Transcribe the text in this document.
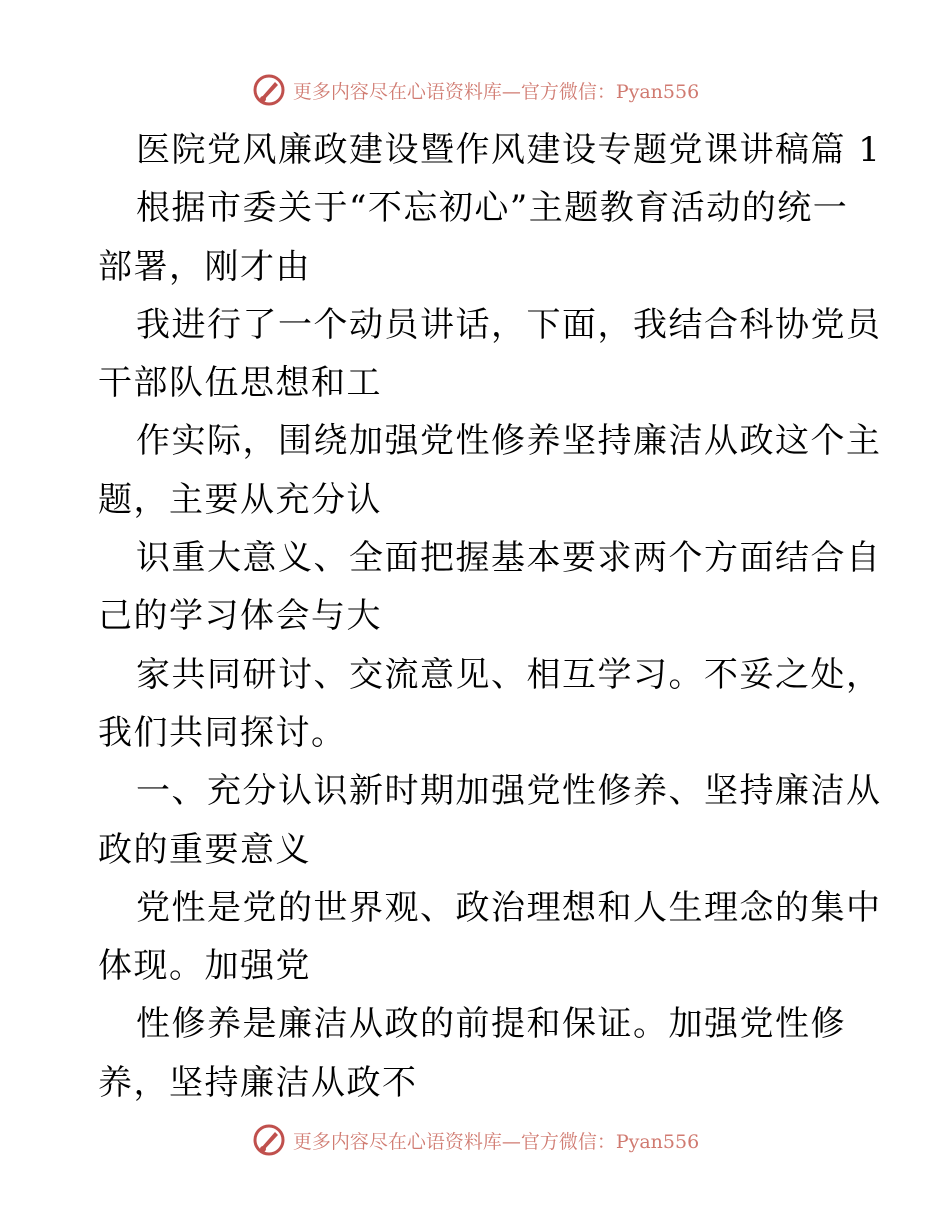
更多内容尽在心语资料库—官方微信：Pyan556
医院党风廉政建设暨作风建设专题党课讲稿篇 1
根据市委关于“不忘初心”主题教育活动的统一
部署，刚才由
我进行了一个动员讲话，下面，我结合科协党员
干部队伍思想和工
作实际，围绕加强党性修养坚持廉洁从政这个主
题，主要从充分认
识重大意义、全面把握基本要求两个方面结合自
己的学习体会与大
家共同研讨、交流意见、相互学习。不妥之处，
我们共同探讨。
一、充分认识新时期加强党性修养、坚持廉洁从
政的重要意义
党性是党的世界观、政治理想和人生理念的集中
体现。加强党
性修养是廉洁从政的前提和保证。加强党性修
养，坚持廉洁从政不
更多内容尽在心语资料库—官方微信：Pyan556
